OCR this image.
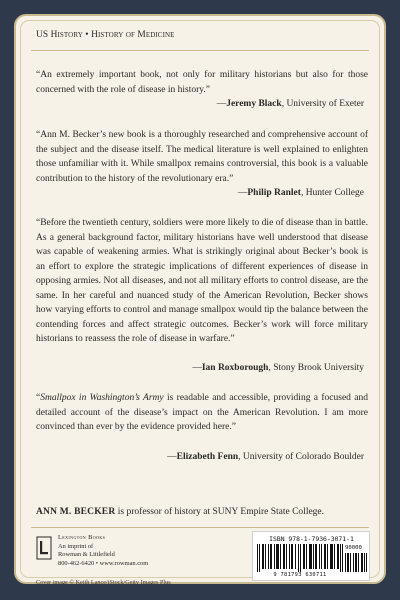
US History • History of Medicine
“An extremely important book, not only for military historians but also for those concerned with the role of disease in history.”
—Jeremy Black, University of Exeter
“Ann M. Becker’s new book is a thoroughly researched and comprehensive account of the subject and the disease itself. The medical literature is well explained to enlighten those unfamiliar with it. While smallpox remains controversial, this book is a valuable contribution to the history of the revolutionary era.”
—Philip Ranlet, Hunter College
“Before the twentieth century, soldiers were more likely to die of disease than in battle. As a general background factor, military historians have well understood that disease was capable of weakening armies. What is strikingly original about Becker’s book is an effort to explore the strategic implications of different experiences of disease in opposing armies. Not all diseases, and not all military efforts to control disease, are the same. In her careful and nuanced study of the American Revolution, Becker shows how varying efforts to control and manage smallpox would tip the balance between the contending forces and affect strategic outcomes. Becker’s work will force military historians to reassess the role of disease in warfare.”
—Ian Roxborough, Stony Brook University
“Smallpox in Washington’s Army is readable and accessible, providing a focused and detailed account of the disease’s impact on the American Revolution. I am more convinced than ever by the evidence provided here.”
—Elizabeth Fenn, University of Colorado Boulder
ANN M. BECKER is professor of history at SUNY Empire State College.
Lexington Books
An imprint of
Rowman & Littlefield
800-462-6420 • www.rowman.com
Cover image © Keith Lance/iStock/Getty Images Plus
ISBN 978-1-7936-3071-1
90000
9 781793 630711
